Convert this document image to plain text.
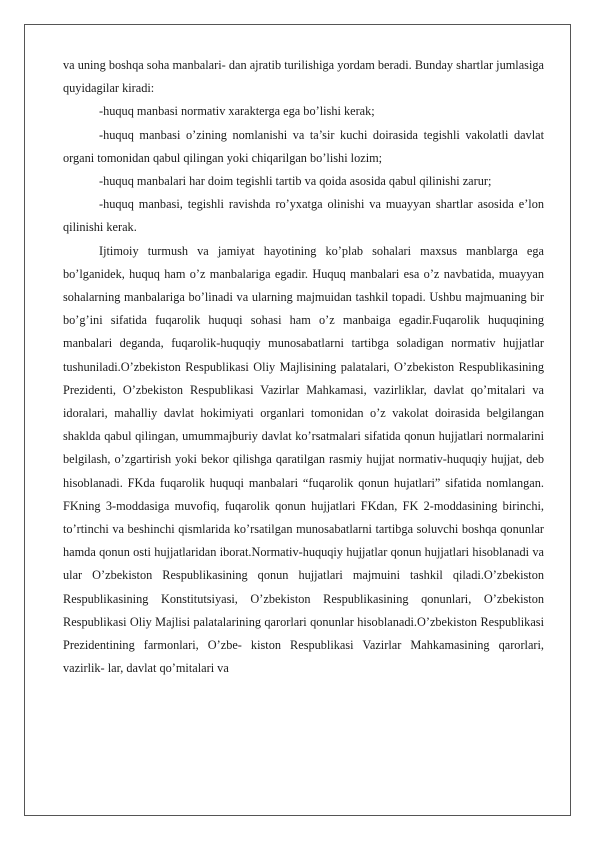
va uning boshqa soha manbalari- dan ajratib turilishiga yordam beradi. Bunday shartlar jumlasiga quyidagilar kiradi:

-huquq manbasi normativ xarakterga ega bo’lishi kerak;

-huquq manbasi o’zining nomlanishi va ta’sir kuchi doirasida tegishli vakolatli davlat organi tomonidan qabul qilingan yoki chiqarilgan bo’lishi lozim;

-huquq manbalari har doim tegishli tartib va qoida asosida qabul qilinishi zarur;

-huquq manbasi, tegishli ravishda ro’yxatga olinishi va muayyan shartlar asosida e’lon qilinishi kerak.

Ijtimoiy turmush va jamiyat hayotining ko’plab sohalari maxsus manblarga ega bo’lganidek, huquq ham o’z manbalariga egadir. Huquq manbalari esa o’z navbatida, muayyan sohalarning manbalariga bo’linadi va ularning majmuidan tashkil topadi. Ushbu majmuaning bir bo’g’ini sifatida fuqarolik huquqi sohasi ham o’z manbaiga egadir.Fuqarolik huquqining manbalari deganda, fuqarolik-huquqiy munosabatlarni tartibga soladigan normativ hujjatlar tushuniladi.O’zbekiston Respublikasi Oliy Majlisining palatalari, O’zbekiston Respublikasining Prezidenti, O’zbekiston Respublikasi Vazirlar Mahkamasi, vazirliklar, davlat qo’mitalari va idoralari, mahalliy davlat hokimiyati organlari tomonidan o’z vakolat doirasida belgilangan shaklda qabul qilingan, umummajburiy davlat ko’rsatmalari sifatida qonun hujjatlari normalarini belgilash, o’zgartirish yoki bekor qilishga qaratilgan rasmiy hujjat normativ-huquqiy hujjat, deb hisoblanadi. FKda fuqarolik huquqi manbalari “fuqarolik qonun hujatlari” sifatida nomlangan. FKning 3-moddasiga muvofiq, fuqarolik qonun hujjatlari FKdan, FK 2-moddasining birinchi, to’rtinchi va beshinchi qismlarida ko’rsatilgan munosabatlarni tartibga soluvchi boshqa qonunlar hamda qonun osti hujjatlaridan iborat.Normativ-huquqiy hujjatlar qonun hujjatlari hisoblanadi va ular O’zbekiston Respublikasining qonun hujjatlari majmuini tashkil qiladi.O’zbekiston Respublikasining Konstitutsiyasi, O’zbekiston Respublikasining qonunlari, O’zbekiston Respublikasi Oliy Majlisi palatalarining qarorlari qonunlar hisoblanadi.O’zbekiston Respublikasi Prezidentining farmonlari, O’zbe- kiston Respublikasi Vazirlar Mahkamasining qarorlari, vazirlik- lar, davlat qo’mitalari va
